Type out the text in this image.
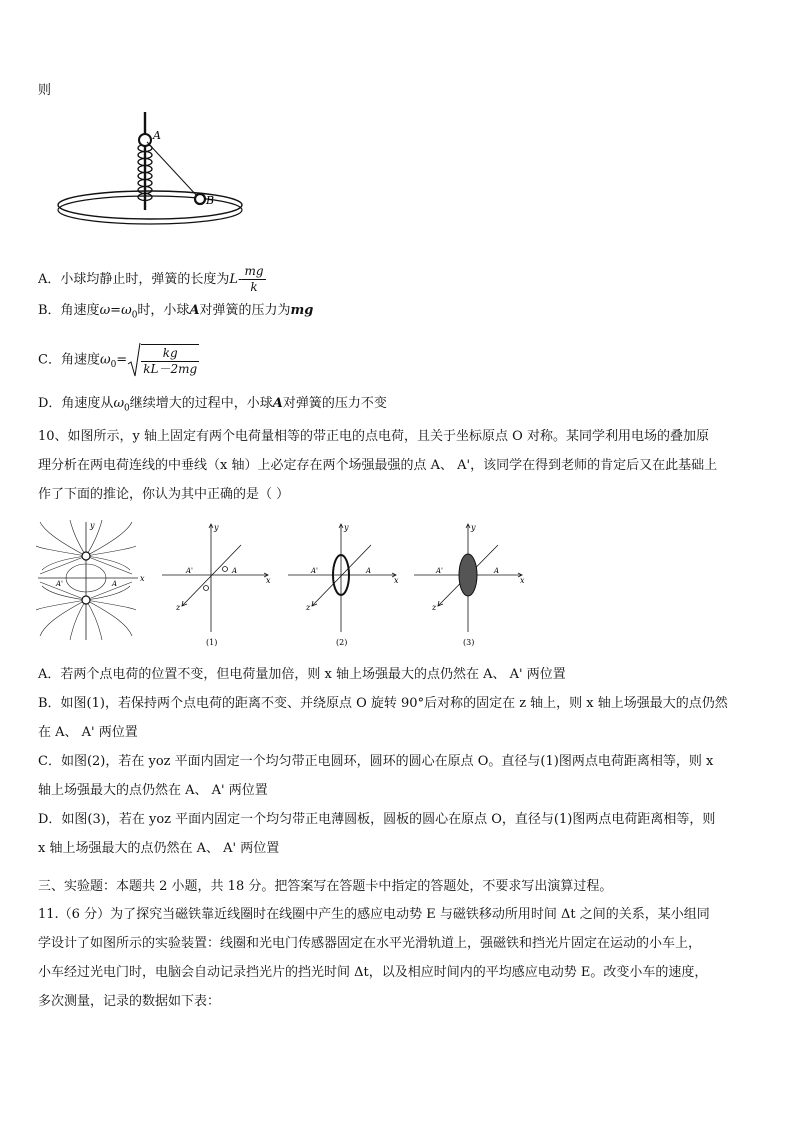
则
A
B
A．小球均静止时，弹簧的长度为$L- \frac{mg}{k}$
B．角速度$\omega=\omega_0$时，小球A对弹簧的压力为mg
C．角速度$\omega_0= \frac{kg}{kL-2mg}$
D．角速度从$\omega_0$继续增大的过程中，小球A对弹簧的压力不变
10、如图所示，y 轴上固定有两个电荷量相等的带正电的点电荷，且关于坐标原点 O 对称。某同学利用电场的叠加原
理分析在两电荷连线的中垂线（x 轴）上必定存在两个场强最强的点 A、 A'，该同学在得到老师的肯定后又在此基础上
作了下面的推论，你认为其中正确的是（ ）
y
x
A'	A
y
x
z
A'	A
(1)
y
x
z
A'	A
(2)
y
x
z
A'	A
(3)
A．若两个点电荷的位置不变，但电荷量加倍，则 x 轴上场强最大的点仍然在 A、 A' 两位置
B．如图(1)，若保持两个点电荷的距离不变、并绕原点 O 旋转 90°后对称的固定在 z 轴上，则 x 轴上场强最大的点仍然
在 A、 A' 两位置
C．如图(2)，若在 yoz 平面内固定一个均匀带正电圆环，圆环的圆心在原点 O。直径与(1)图两点电荷距离相等，则 x
轴上场强最大的点仍然在 A、 A' 两位置
D．如图(3)，若在 yoz 平面内固定一个均匀带正电薄圆板，圆板的圆心在原点 O，直径与(1)图两点电荷距离相等，则
x 轴上场强最大的点仍然在 A、 A' 两位置
三、实验题：本题共 2 小题，共 18 分。把答案写在答题卡中指定的答题处，不要求写出演算过程。
11.（6 分）为了探究当磁铁靠近线圈时在线圈中产生的感应电动势 E 与磁铁移动所用时间 Δt 之间的关系，某小组同
学设计了如图所示的实验装置：线圈和光电门传感器固定在水平光滑轨道上，强磁铁和挡光片固定在运动的小车上，
小车经过光电门时，电脑会自动记录挡光片的挡光时间 Δt，以及相应时间内的平均感应电动势 E。改变小车的速度，
多次测量，记录的数据如下表：
